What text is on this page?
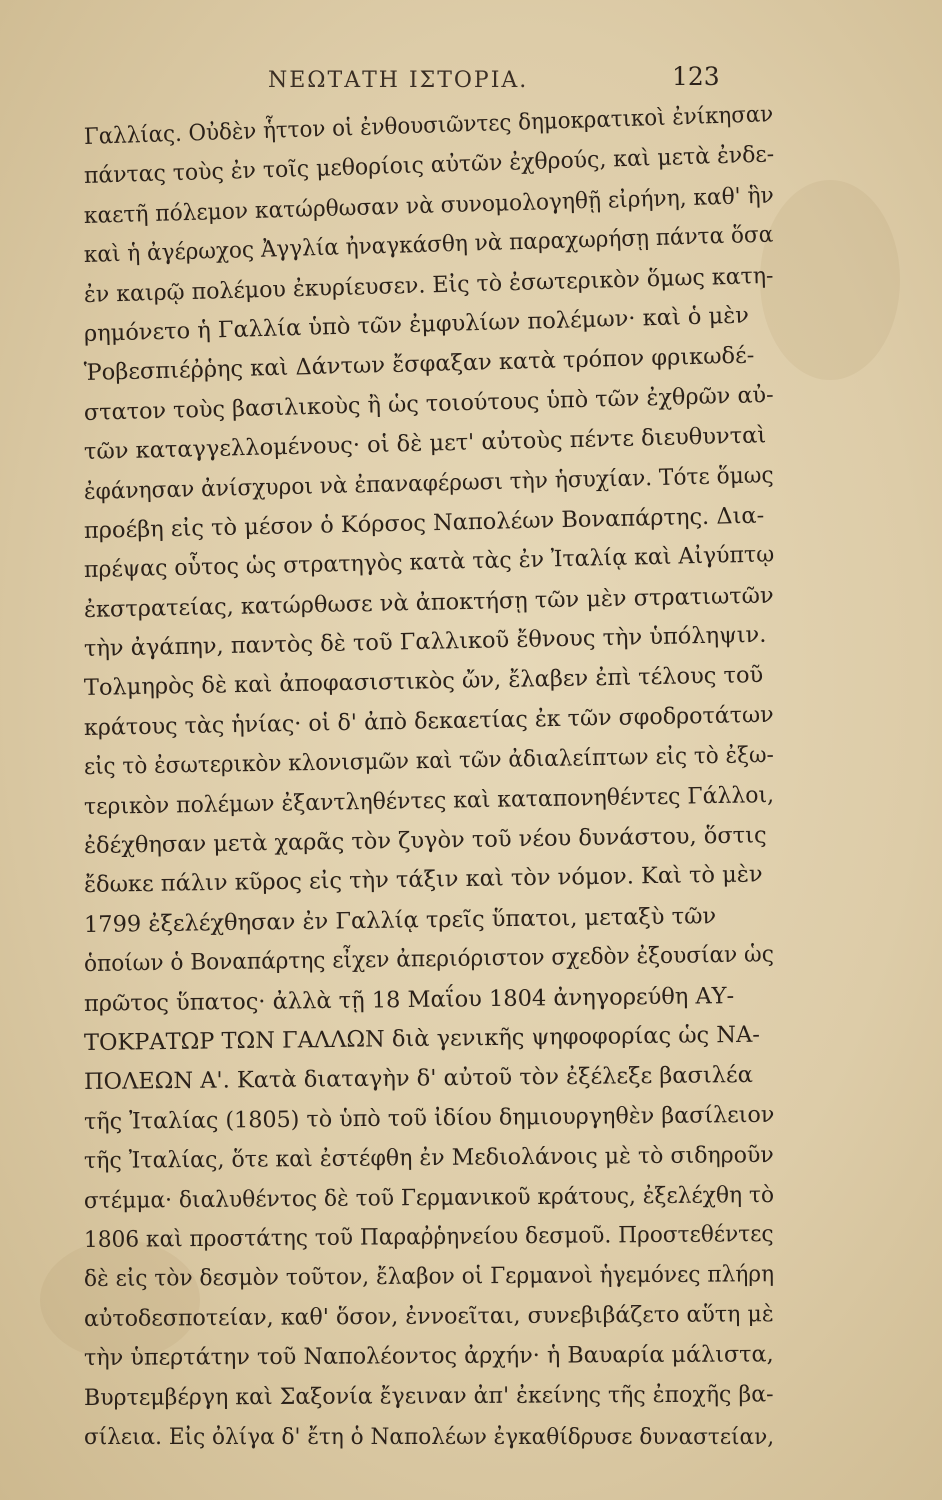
ΝΕΩΤΑΤΗ ΙΣΤΟΡΙΑ.	123
Γαλλίας. Οὐδὲν ἧττον οἱ ἐνθουσιῶντες δημοκρατικοὶ ἐνίκησαν
πάντας τοὺς ἐν τοῖς μεθορίοις αὐτῶν ἐχθρούς, καὶ μετὰ ἐνδε-
καετῆ πόλεμον κατώρθωσαν νὰ συνομολογηθῇ εἰρήνη, καθ' ἣν
καὶ ἡ ἀγέρωχος Ἀγγλία ἠναγκάσθη νὰ παραχωρήσῃ πάντα ὅσα
ἐν καιρῷ πολέμου ἐκυρίευσεν. Εἰς τὸ ἐσωτερικὸν ὅμως κατη-
ρημόνετο ἡ Γαλλία ὑπὸ τῶν ἐμφυλίων πολέμων· καὶ ὁ μὲν
Ῥοβεσπιέῤῥης καὶ Δάντων ἔσφαξαν κατὰ τρόπον φρικωδέ-
στατον τοὺς βασιλικοὺς ἢ ὡς τοιούτους ὑπὸ τῶν ἐχθρῶν αὐ-
τῶν καταγγελλομένους· οἱ δὲ μετ' αὐτοὺς πέντε διευθυνταὶ
ἐφάνησαν ἀνίσχυροι νὰ ἐπαναφέρωσι τὴν ἡσυχίαν. Τότε ὅμως
προέβη εἰς τὸ μέσον ὁ Κόρσος Ναπολέων Βοναπάρτης. Δια-
πρέψας οὗτος ὡς στρατηγὸς κατὰ τὰς ἐν Ἰταλίᾳ καὶ Αἰγύπτῳ
ἐκστρατείας, κατώρθωσε νὰ ἀποκτήσῃ τῶν μὲν στρατιωτῶν
τὴν ἀγάπην, παντὸς δὲ τοῦ Γαλλικοῦ ἔθνους τὴν ὑπόληψιν.
Τολμηρὸς δὲ καὶ ἀποφασιστικὸς ὤν, ἔλαβεν ἐπὶ τέλους τοῦ
κράτους τὰς ἡνίας· οἱ δ' ἀπὸ δεκαετίας ἐκ τῶν σφοδροτάτων
εἰς τὸ ἐσωτερικὸν κλονισμῶν καὶ τῶν ἀδιαλείπτων εἰς τὸ ἐξω-
τερικὸν πολέμων ἐξαντληθέντες καὶ καταπονηθέντες Γάλλοι,
ἐδέχθησαν μετὰ χαρᾶς τὸν ζυγὸν τοῦ νέου δυνάστου, ὅστις
ἔδωκε πάλιν κῦρος εἰς τὴν τάξιν καὶ τὸν νόμον. Καὶ τὸ μὲν
1799 ἐξελέχθησαν ἐν Γαλλίᾳ τρεῖς ὕπατοι, μεταξὺ τῶν
ὁποίων ὁ Βοναπάρτης εἶχεν ἀπεριόριστον σχεδὸν ἐξουσίαν ὡς
πρῶτος ὕπατος· ἀλλὰ τῇ 18 Μαΐου 1804 ἀνηγορεύθη ΑΥ-
ΤΟΚΡΑΤΩΡ ΤΩΝ ΓΑΛΛΩΝ διὰ γενικῆς ψηφοφορίας ὡς ΝΑ-
ΠΟΛΕΩΝ Α'. Κατὰ διαταγὴν δ' αὐτοῦ τὸν ἐξέλεξε βασιλέα
τῆς Ἰταλίας (1805) τὸ ὑπὸ τοῦ ἰδίου δημιουργηθὲν βασίλειον
τῆς Ἰταλίας, ὅτε καὶ ἐστέφθη ἐν Μεδιολάνοις μὲ τὸ σιδηροῦν
στέμμα· διαλυθέντος δὲ τοῦ Γερμανικοῦ κράτους, ἐξελέχθη τὸ
1806 καὶ προστάτης τοῦ Παραῤῥηνείου δεσμοῦ. Προστεθέντες
δὲ εἰς τὸν δεσμὸν τοῦτον, ἔλαβον οἱ Γερμανοὶ ἡγεμόνες πλήρη
αὐτοδεσποτείαν, καθ' ὅσον, ἐννοεῖται, συνεβιβάζετο αὕτη μὲ
τὴν ὑπερτάτην τοῦ Ναπολέοντος ἀρχήν· ἡ Βαυαρία μάλιστα,
Βυρτεμβέργη καὶ Σαξονία ἔγειναν ἀπ' ἐκείνης τῆς ἐποχῆς βα-
σίλεια. Εἰς ὀλίγα δ' ἔτη ὁ Ναπολέων ἐγκαθίδρυσε δυναστείαν,
